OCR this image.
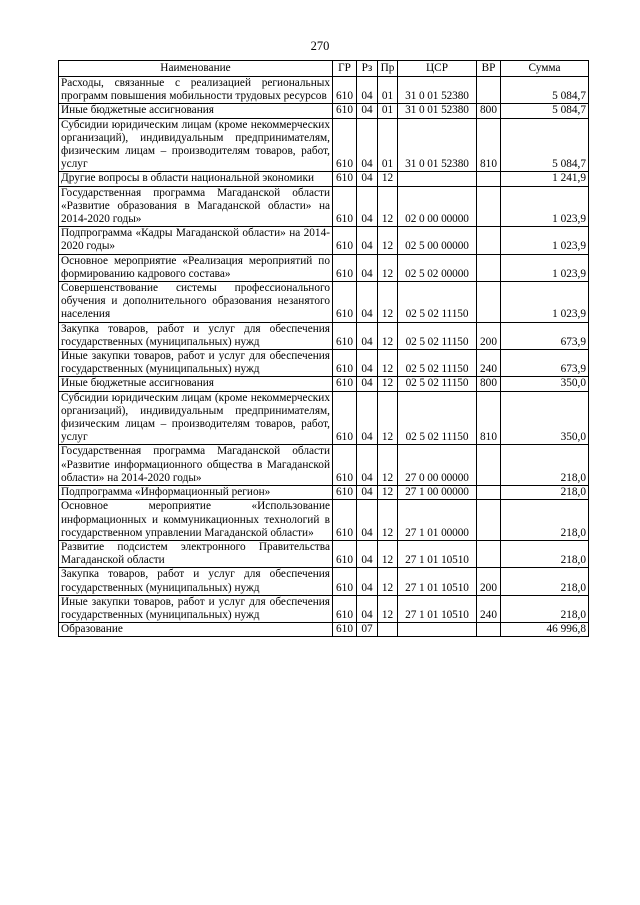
270
Наименование	ГР	Рз	Пр	ЦСР	ВР	Сумма
Расходы, связанные с реализацией региональных программ повышения мобильности трудовых ресурсов	610	04	01	31 0 01 52380		5 084,7
Иные бюджетные ассигнования	610	04	01	31 0 01 52380	800	5 084,7
Субсидии юридическим лицам (кроме некоммерческих организаций), индивидуальным предпринимателям, физическим лицам – производителям товаров, работ, услуг	610	04	01	31 0 01 52380	810	5 084,7
Другие вопросы в области национальной экономики	610	04	12			1 241,9
Государственная программа Магаданской области «Развитие образования в Магаданской области» на 2014-2020 годы»	610	04	12	02 0 00 00000		1 023,9
Подпрограмма «Кадры Магаданской области» на 2014-2020 годы»	610	04	12	02 5 00 00000		1 023,9
Основное мероприятие «Реализация мероприятий по формированию кадрового состава»	610	04	12	02 5 02 00000		1 023,9
Совершенствование системы профессионального обучения и дополнительного образования незанятого населения	610	04	12	02 5 02 11150		1 023,9
Закупка товаров, работ и услуг для обеспечения государственных (муниципальных) нужд	610	04	12	02 5 02 11150	200	673,9
Иные закупки товаров, работ и услуг для обеспечения государственных (муниципальных) нужд	610	04	12	02 5 02 11150	240	673,9
Иные бюджетные ассигнования	610	04	12	02 5 02 11150	800	350,0
Субсидии юридическим лицам (кроме некоммерческих организаций), индивидуальным предпринимателям, физическим лицам – производителям товаров, работ, услуг	610	04	12	02 5 02 11150	810	350,0
Государственная программа Магаданской области «Развитие информационного общества в Магаданской области» на 2014-2020 годы»	610	04	12	27 0 00 00000		218,0
Подпрограмма «Информационный регион»	610	04	12	27 1 00 00000		218,0
Основное мероприятие «Использование информационных и коммуникационных технологий в государственном управлении Магаданской области»	610	04	12	27 1 01 00000		218,0
Развитие подсистем электронного Правительства Магаданской области	610	04	12	27 1 01 10510		218,0
Закупка товаров, работ и услуг для обеспечения государственных (муниципальных) нужд	610	04	12	27 1 01 10510	200	218,0
Иные закупки товаров, работ и услуг для обеспечения государственных (муниципальных) нужд	610	04	12	27 1 01 10510	240	218,0
Образование	610	07				46 996,8
